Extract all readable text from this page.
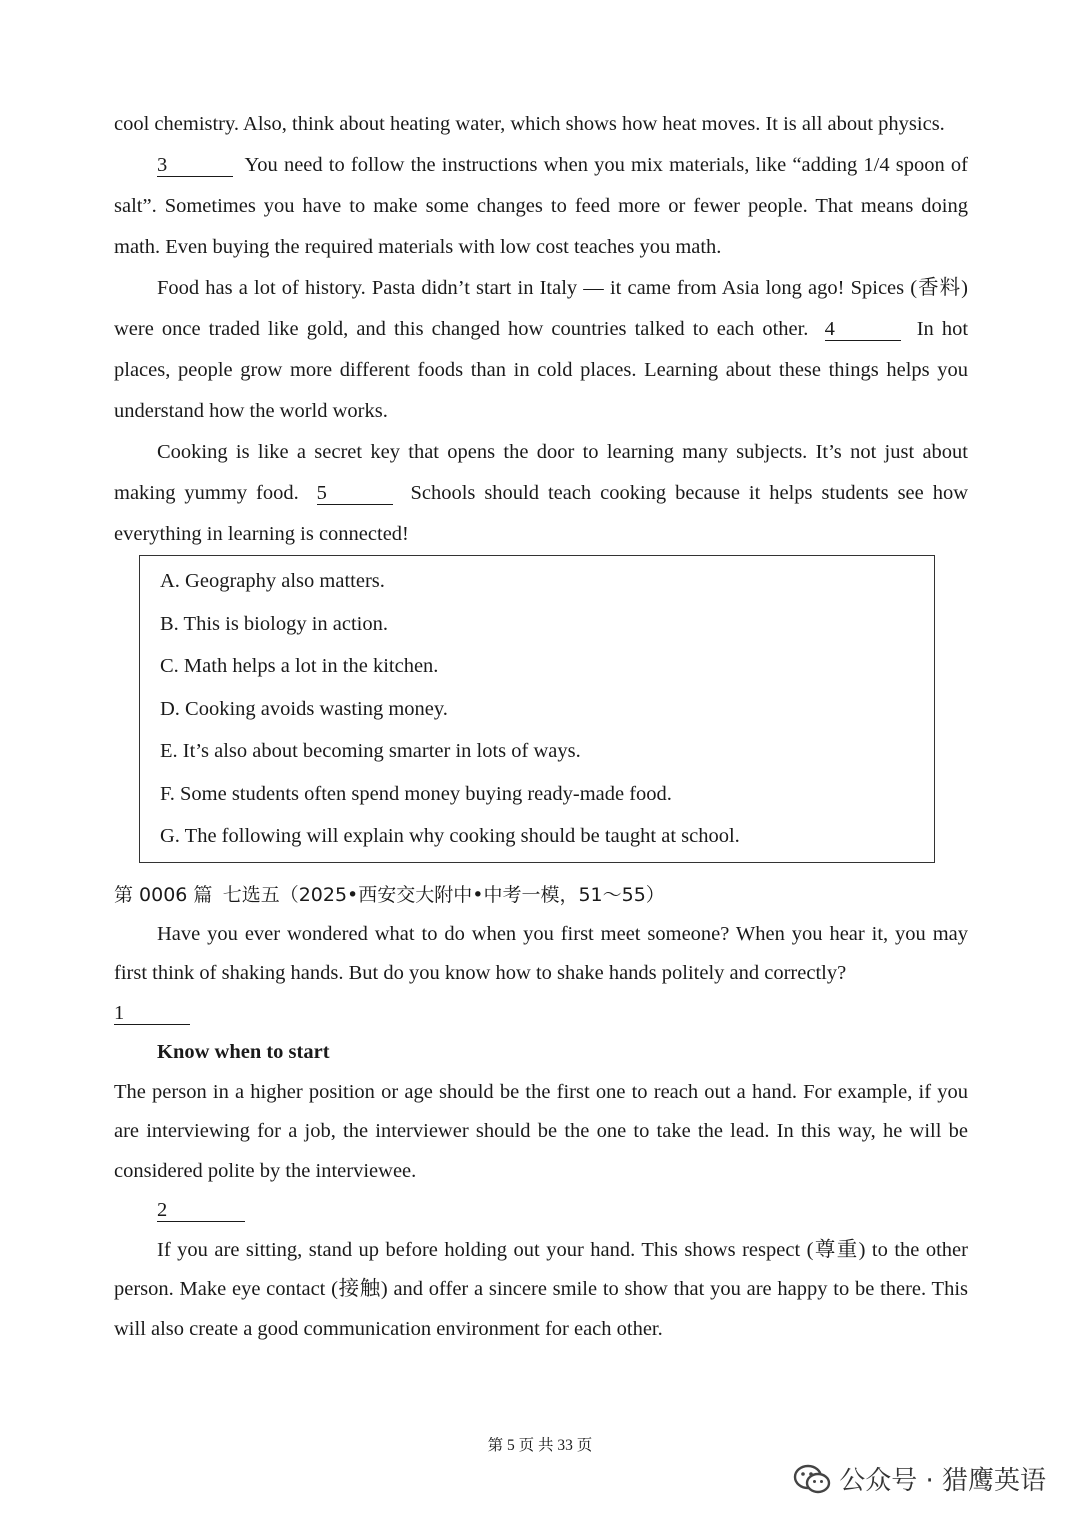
cool chemistry. Also, think about heating water, which shows how heat moves. It is all about physics.

3	You need to follow the instructions when you mix materials, like “adding 1/4 spoon of salt”. Sometimes you have to make some changes to feed more or fewer people. That means doing math. Even buying the required materials with low cost teaches you math.

Food has a lot of history. Pasta didn’t start in Italy — it came from Asia long ago! Spices (香料) were once traded like gold, and this changed how countries talked to each other. 4	In hot places, people grow more different foods than in cold places. Learning about these things helps you understand how the world works.

Cooking is like a secret key that opens the door to learning many subjects. It’s not just about making yummy food. 5	Schools should teach cooking because it helps students see how everything in learning is connected!

A. Geography also matters.
B. This is biology in action.
C. Math helps a lot in the kitchen.
D. Cooking avoids wasting money.
E. It’s also about becoming smarter in lots of ways.
F. Some students often spend money buying ready-made food.
G. The following will explain why cooking should be taught at school.
第 0006 篇 七选五（2025•西安交大附中•中考一模，51～55）

Have you ever wondered what to do when you first meet someone? When you hear it, you may first think of shaking hands. But do you know how to shake hands politely and correctly?

1

Know when to start

The person in a higher position or age should be the first one to reach out a hand. For example, if you are interviewing for a job, the interviewer should be the one to take the lead. In this way, he will be considered polite by the interviewee.

2

If you are sitting, stand up before holding out your hand. This shows respect (尊重) to the other person. Make eye contact (接触) and offer a sincere smile to show that you are happy to be there. This will also create a good communication environment for each other.

第 5 页 共 33 页
公众号 · 猎鹰英语
